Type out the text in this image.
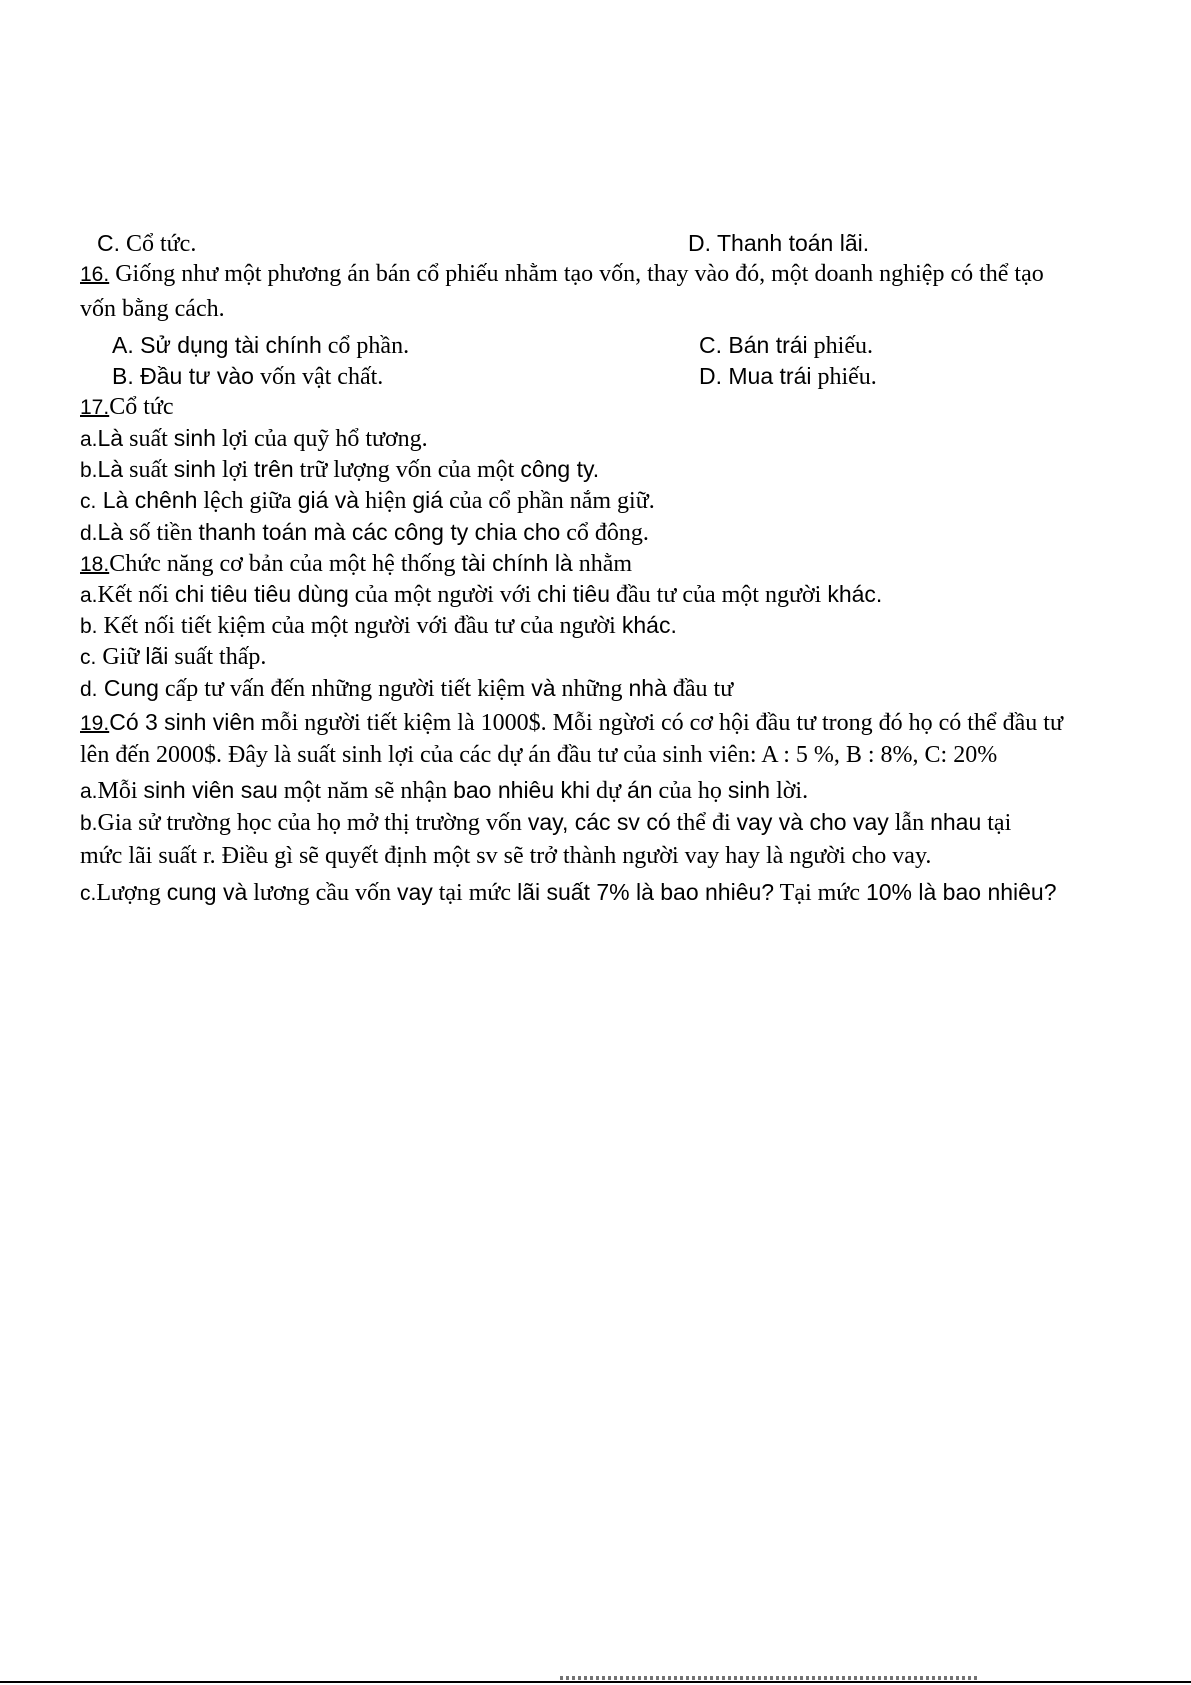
C. Cổ tức.	D. Thanh toán lãi.
16. Giống như một phương án bán cổ phiếu nhằm tạo vốn, thay vào đó, một doanh nghiệp có thể tạo
vốn bằng cách.
A. Sử dụng tài chính cổ phần.	C. Bán trái phiếu.
B. Đầu tư vào vốn vật chất.	D. Mua trái phiếu.
17.Cổ tức
a.Là suất sinh lợi của quỹ hổ tương.
b.Là suất sinh lợi trên trữ lượng vốn của một công ty.
c. Là chênh lệch giữa giá và hiện giá của cổ phần nắm giữ.
d.Là số tiền thanh toán mà các công ty chia cho cổ đông.
18.Chức năng cơ bản của một hệ thống tài chính là nhằm
a.Kết nối chi tiêu tiêu dùng của một người với chi tiêu đầu tư của một người khác.
b. Kết nối tiết kiệm của một người với đầu tư của người khác.
c. Giữ lãi suất thấp.
d. Cung cấp tư vấn đến những người tiết kiệm và những nhà đầu tư
19.Có 3 sinh viên mỗi người tiết kiệm là 1000$. Mỗi ngừơi có cơ hội đầu tư trong đó họ có thể đầu tư
lên đến 2000$. Đây là suất sinh lợi của các dự án đầu tư của sinh viên: A : 5 %, B : 8%, C: 20%
a.Mỗi sinh viên sau một năm sẽ nhận bao nhiêu khi dự án của họ sinh lời.
b.Gia sử trường học của họ mở thị trường vốn vay, các sv có thể đi vay và cho vay lẫn nhau tại
mức lãi suất r. Điều gì sẽ quyết định một sv sẽ trở thành người vay hay là người cho vay.
c.Lượng cung và lương cầu vốn vay tại mức lãi suất 7% là bao nhiêu? Tại mức 10% là bao nhiêu?
